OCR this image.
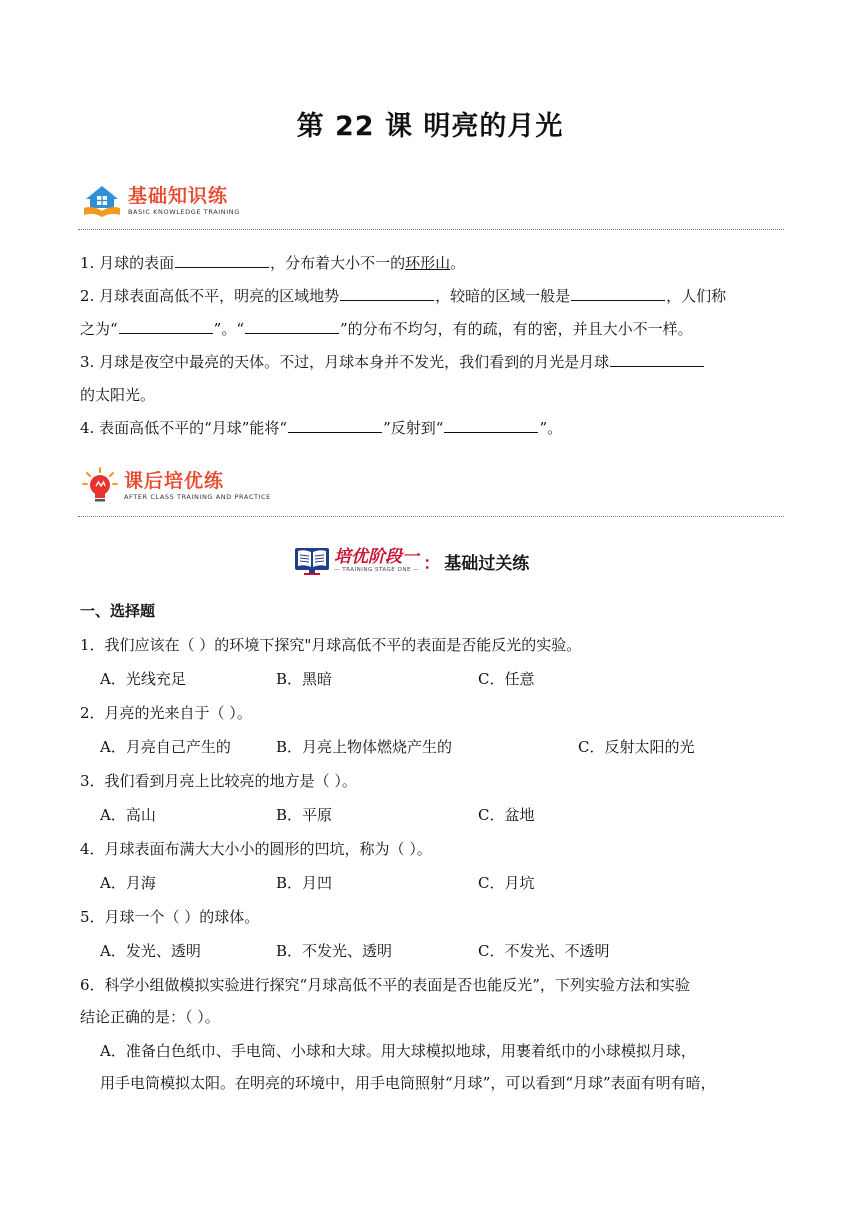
第 22 课 明亮的月光
基础知识练
BASIC KNOWLEDGE TRAINING
1. 月球的表面	，分布着大小不一的环形山。
2. 月球表面高低不平，明亮的区域地势	，较暗的区域一般是	，人们称
之为“	”。“	”的分布不均匀，有的疏，有的密，并且大小不一样。
3. 月球是夜空中最亮的天体。不过，月球本身并不发光，我们看到的月光是月球
的太阳光。
4. 表面高低不平的“月球”能将“	”反射到“	”。
课后培优练
AFTER CLASS TRAINING AND PRACTICE
培优阶段一
— TRAINING STAGE ONE — ： 基础过关练
一、选择题
1．我们应该在（ ）的环境下探究"月球高低不平的表面是否能反光的实验。
A．光线充足	B．黑暗	C．任意
2．月亮的光来自于（ ）。
A．月亮自己产生的	B．月亮上物体燃烧产生的	C．反射太阳的光
3．我们看到月亮上比较亮的地方是（ ）。
A．高山	B．平原	C．盆地
4．月球表面布满大大小小的圆形的凹坑，称为（ ）。
A．月海	B．月凹	C．月坑
5．月球一个（ ）的球体。
A．发光、透明	B．不发光、透明	C．不发光、不透明
6．科学小组做模拟实验进行探究“月球高低不平的表面是否也能反光”，下列实验方法和实验
结论正确的是：（ ）。
A．准备白色纸巾、手电筒、小球和大球。用大球模拟地球，用裹着纸巾的小球模拟月球，
用手电筒模拟太阳。在明亮的环境中，用手电筒照射“月球”，可以看到“月球”表面有明有暗，
